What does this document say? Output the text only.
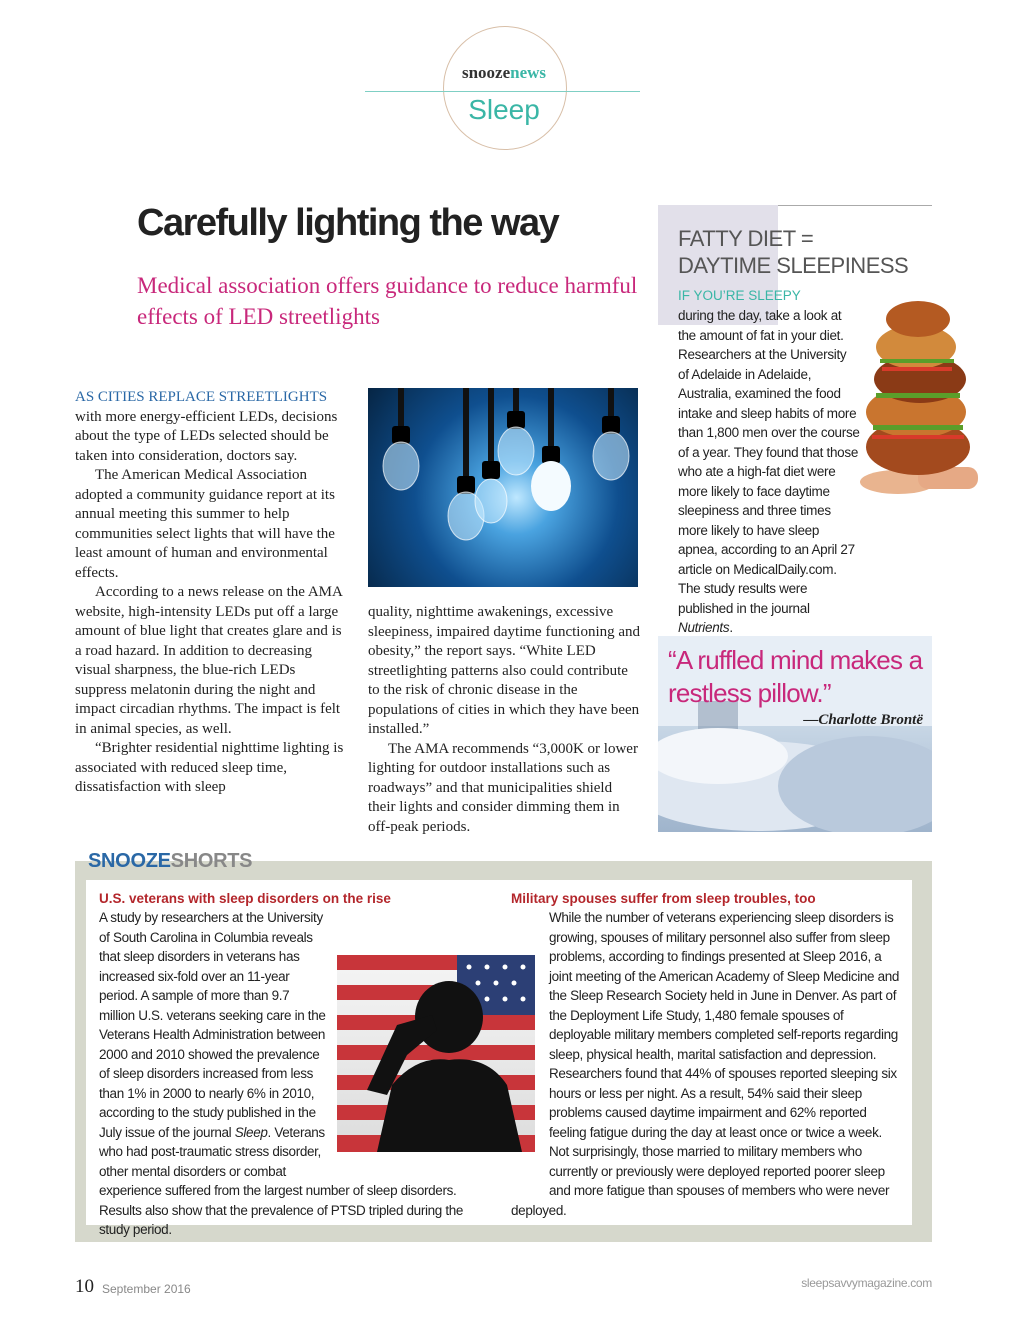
snoozenews
Sleep
Carefully lighting the way
Medical association offers guidance to reduce harmful effects of LED streetlights

AS CITIES REPLACE STREETLIGHTS with more energy-efficient LEDs, decisions about the type of LEDs selected should be taken into consideration, doctors say.

The American Medical Association adopted a community guidance report at its annual meeting this summer to help communities select lights that will have the least amount of human and environmental effects.

According to a news release on the AMA website, high-intensity LEDs put off a large amount of blue light that creates glare and is a road hazard. In addition to decreasing visual sharpness, the blue-rich LEDs suppress melatonin during the night and impact circadian rhythms. The impact is felt in animal species, as well.

“Brighter residential nighttime lighting is associated with reduced sleep time, dissatisfaction with sleep

quality, nighttime awakenings, excessive sleepiness, impaired daytime functioning and obesity,” the report says. “White LED streetlighting patterns also could contribute to the risk of chronic disease in the populations of cities in which they have been installed.”

The AMA recommends “3,000K or lower lighting for outdoor installations such as roadways” and that municipalities shield their lights and consider dimming them in off-peak periods.

FATTY DIET =
DAYTIME SLEEPINESS
IF YOU’RE SLEEPY
during the day, take a look at the amount of fat in your diet. Researchers at the University of Adelaide in Adelaide, Australia, examined the food intake and sleep habits of more than 1,800 men over the course of a year. They found that those who ate a high-fat diet were more likely to face daytime sleepiness and three times more likely to have sleep apnea, according to an April 27 article on MedicalDaily.com. The study results were published in the journal Nutrients.
“A ruffled mind makes a restless pillow.”
—Charlotte Brontë
SNOOZESHORTS
U.S. veterans with sleep disorders on the rise
A study by researchers at the University of South Carolina in Columbia reveals that sleep disorders in veterans has increased six-fold over an 11-year period. A sample of more than 9.7 million U.S. veterans seeking care in the Veterans Health Administration between 2000 and 2010 showed the prevalence of sleep disorders increased from less than 1% in 2000 to nearly 6% in 2010, according to the study published in the July issue of the journal Sleep. Veterans who had post-traumatic stress disorder, other mental disorders or combat experience suffered from the largest number of sleep disorders. Results also show that the prevalence of PTSD tripled during the study period.
Military spouses suffer from sleep troubles, too
While the number of veterans experiencing sleep disorders is growing, spouses of military personnel also suffer from sleep problems, according to findings presented at Sleep 2016, a joint meeting of the American Academy of Sleep Medicine and the Sleep Research Society held in June in Denver. As part of the Deployment Life Study, 1,480 female spouses of deployable military members completed self-reports regarding sleep, physical health, marital satisfaction and depression. Researchers found that 44% of spouses reported sleeping six hours or less per night. As a result, 54% said their sleep problems caused daytime impairment and 62% reported feeling fatigue during the day at least once or twice a week. Not surprisingly, those married to military members who currently or previously were deployed reported poorer sleep and more fatigue than spouses of members who were never deployed.
10 September 2016	sleepsavvymagazine.com
